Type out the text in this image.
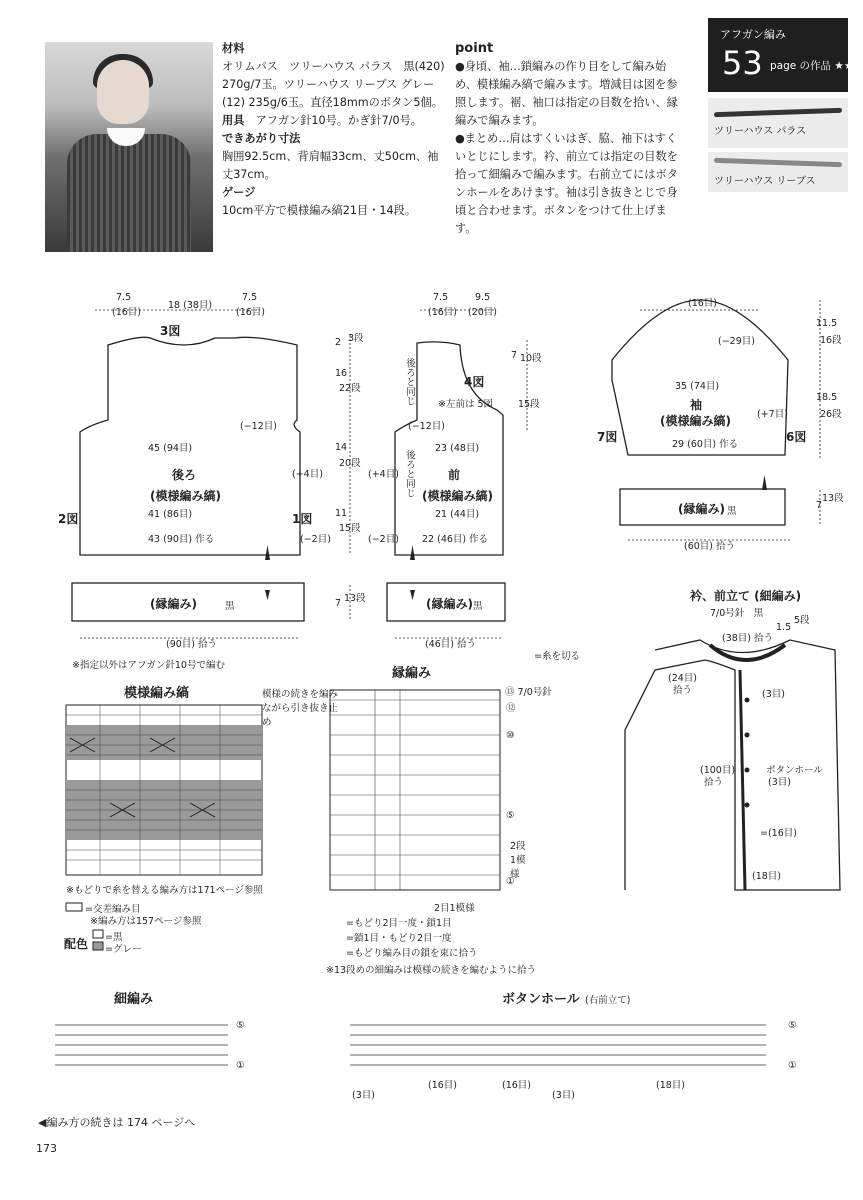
材料
オリムパス　ツリーハウス パラス　黒(420) 270g/7玉。ツリーハウス リーブス グレー(12) 235g/6玉。直径18mmのボタン5個。
用具　 アフガン針10号。かぎ針7/0号。
できあがり寸法
胸囲92.5cm、背肩幅33cm、丈50cm、袖丈37cm。
ゲージ
10cm平方で模様編み縞21目・14段。
point
●身頃、袖…鎖編みの作り目をして編み始め、模様編み縞で編みます。増減目は図を参照します。裾、袖口は指定の目数を拾い、縁編みで編みます。
●まとめ…肩はすくいはぎ、脇、袖下はすくいとじにします。衿、前立ては指定の目数を拾って細編みで編みます。右前立てにはボタンホールをあけます。袖は引き抜きとじで身頃と合わせます。ボタンをつけて仕上げます。
アフガン編み
53 page の作品 ★★★
ツリーハウス パラス
ツリーハウス リーブス
7.5
(16目)
18 (38目)
7.5
(16目)
3図
2 3段
16
22段
14
20段
11
15段
(−12目)
45 (94目)
後ろ
(模様編み縞)
(+4目)
41 (86目)
2図	1図
43 (90目) 作る	(−2目)
(縁編み)	黒	7 13段
(90目) 拾う
※指定以外はアフガン針10号で編む
7.5
(16目)
9.5
(20目)
後ろと同じ
7 10段
4図
※左前は 5図	15段
(−12目)
23 (48目)
後ろと同じ
(+4目)	前
(模様編み縞)
21 (44目)
(−2目) 22 (46目) 作る
(縁編み) 黒
(46目) 拾う
(16目)
(−29目)
11.5
16段
35 (74目)
18.5
26段
袖
(模様編み縞)	(+7目)
7図	6図
29 (60目) 作る
7
13段
(縁編み) 黒
(60目) 拾う
衿、前立て (細編み)
7/0号針　黒
(38目) 拾う
1.5
5段
(24目)
拾う	(3目)
ボタンホール
(100目)
拾う	(3目)
=(16目)
(18目)
模様編み縞	模様の続きを編みながら引き抜き止め
※もどりで糸を替える編み方は171ページ参照
=交差編み目
※編み方は157ページ参照
配色 =黒
=グレー
=糸を切る
縁編み
⑬ 7/0号針
⑫
⑩
⑤
2段1模様
①
2目1模様
=もどり2目一度・鎖1目
=鎖1目・もどり2目一度
=もどり編み目の鎖を束に拾う
※13段めの細編みは模様の続きを編むように拾う
細編み
⑤
①
ボタンホール (右前立て)
⑤
①
(16目)	(16目)	(18目)
(3目)	(3目)
◀編み方の続きは 174 ページへ
173
